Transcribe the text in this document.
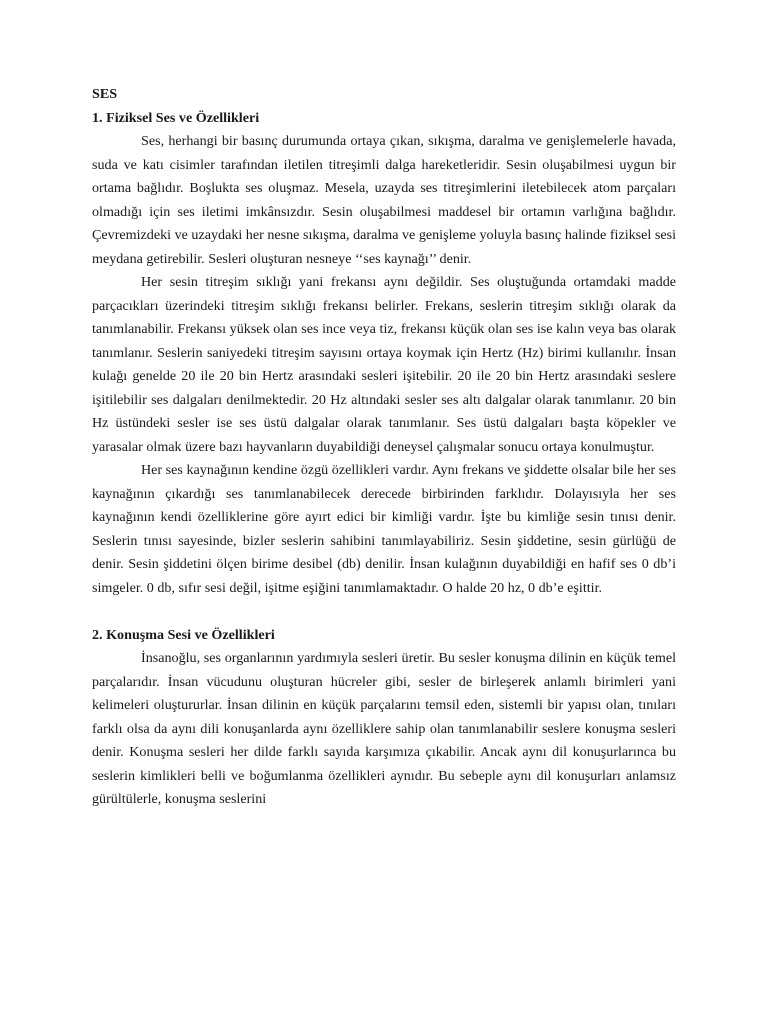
SES

1. Fiziksel Ses ve Özellikleri

Ses, herhangi bir basınç durumunda ortaya çıkan, sıkışma, daralma ve genişlemelerle havada, suda ve katı cisimler tarafından iletilen titreşimli dalga hareketleridir. Sesin oluşabilmesi uygun bir ortama bağlıdır. Boşlukta ses oluşmaz. Mesela, uzayda ses titreşimlerini iletebilecek atom parçaları olmadığı için ses iletimi imkânsızdır. Sesin oluşabilmesi maddesel bir ortamın varlığına bağlıdır. Çevremizdeki ve uzaydaki her nesne sıkışma, daralma ve genişleme yoluyla basınç halinde fiziksel sesi meydana getirebilir. Sesleri oluşturan nesneye ‘‘ses kaynağı’’ denir.

Her sesin titreşim sıklığı yani frekansı aynı değildir. Ses oluştuğunda ortamdaki madde parçacıkları üzerindeki titreşim sıklığı frekansı belirler. Frekans, seslerin titreşim sıklığı olarak da tanımlanabilir. Frekansı yüksek olan ses ince veya tiz, frekansı küçük olan ses ise kalın veya bas olarak tanımlanır. Seslerin saniyedeki titreşim sayısını ortaya koymak için Hertz (Hz) birimi kullanılır. İnsan kulağı genelde 20 ile 20 bin Hertz arasındaki sesleri işitebilir. 20 ile 20 bin Hertz arasındaki seslere işitilebilir ses dalgaları denilmektedir. 20 Hz altındaki sesler ses altı dalgalar olarak tanımlanır. 20 bin Hz üstündeki sesler ise ses üstü dalgalar olarak tanımlanır. Ses üstü dalgaları başta köpekler ve yarasalar olmak üzere bazı hayvanların duyabildiği deneysel çalışmalar sonucu ortaya konulmuştur.

Her ses kaynağının kendine özgü özellikleri vardır. Aynı frekans ve şiddette olsalar bile her ses kaynağının çıkardığı ses tanımlanabilecek derecede birbirinden farklıdır. Dolayısıyla her ses kaynağının kendi özelliklerine göre ayırt edici bir kimliği vardır. İşte bu kimliğe sesin tınısı denir. Seslerin tınısı sayesinde, bizler seslerin sahibini tanımlayabiliriz. Sesin şiddetine, sesin gürlüğü de denir. Sesin şiddetini ölçen birime desibel (db) denilir. İnsan kulağının duyabildiği en hafif ses 0 db’i simgeler. 0 db, sıfır sesi değil, işitme eşiğini tanımlamaktadır. O halde 20 hz, 0 db’e eşittir.

2. Konuşma Sesi ve Özellikleri

İnsanoğlu, ses organlarının yardımıyla sesleri üretir. Bu sesler konuşma dilinin en küçük temel parçalarıdır. İnsan vücudunu oluşturan hücreler gibi, sesler de birleşerek anlamlı birimleri yani kelimeleri oluştururlar. İnsan dilinin en küçük parçalarını temsil eden, sistemli bir yapısı olan, tınıları farklı olsa da aynı dili konuşanlarda aynı özelliklere sahip olan tanımlanabilir seslere konuşma sesleri denir. Konuşma sesleri her dilde farklı sayıda karşımıza çıkabilir. Ancak aynı dil konuşurlarınca bu seslerin kimlikleri belli ve boğumlanma özellikleri aynıdır. Bu sebeple aynı dil konuşurları anlamsız gürültülerle, konuşma seslerini
